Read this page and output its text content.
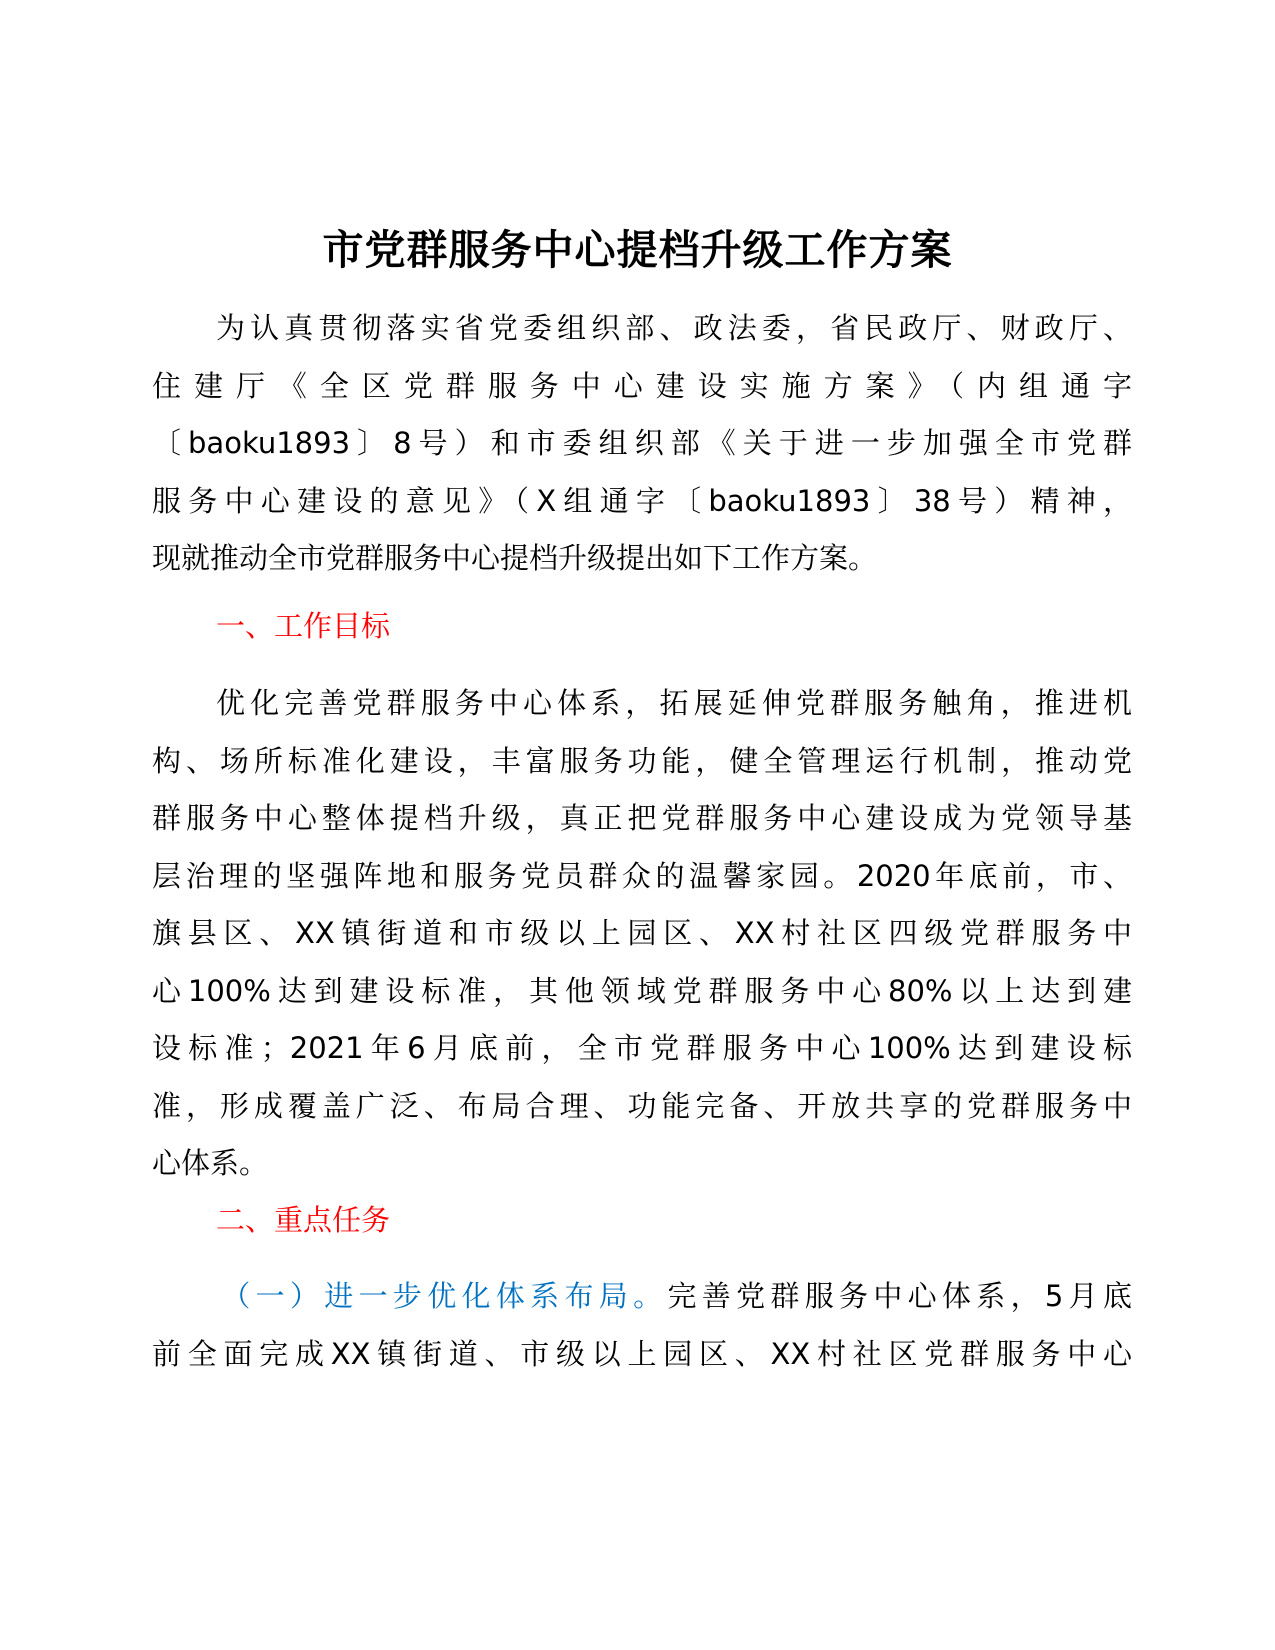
市党群服务中心提档升级工作方案
为认真贯彻落实省党委组织部、政法委，省民政厅、财政厅、
住建厅《全区党群服务中心建设实施方案》（内组通字
〔baoku1893〕8号）和市委组织部《关于进一步加强全市党群
服务中心建设的意见》（X组通字〔baoku1893〕38号）精神，
现就推动全市党群服务中心提档升级提出如下工作方案。
一、工作目标
优化完善党群服务中心体系，拓展延伸党群服务触角，推进机
构、场所标准化建设，丰富服务功能，健全管理运行机制，推动党
群服务中心整体提档升级，真正把党群服务中心建设成为党领导基
层治理的坚强阵地和服务党员群众的温馨家园。2020年底前，市、
旗县区、XX镇街道和市级以上园区、XX村社区四级党群服务中
心100%达到建设标准，其他领域党群服务中心80%以上达到建
设标准；2021年6月底前，全市党群服务中心100%达到建设标
准，形成覆盖广泛、布局合理、功能完备、开放共享的党群服务中
心体系。
二、重点任务
（一）进一步优化体系布局。完善党群服务中心体系，5月底
前全面完成XX镇街道、市级以上园区、XX村社区党群服务中心
